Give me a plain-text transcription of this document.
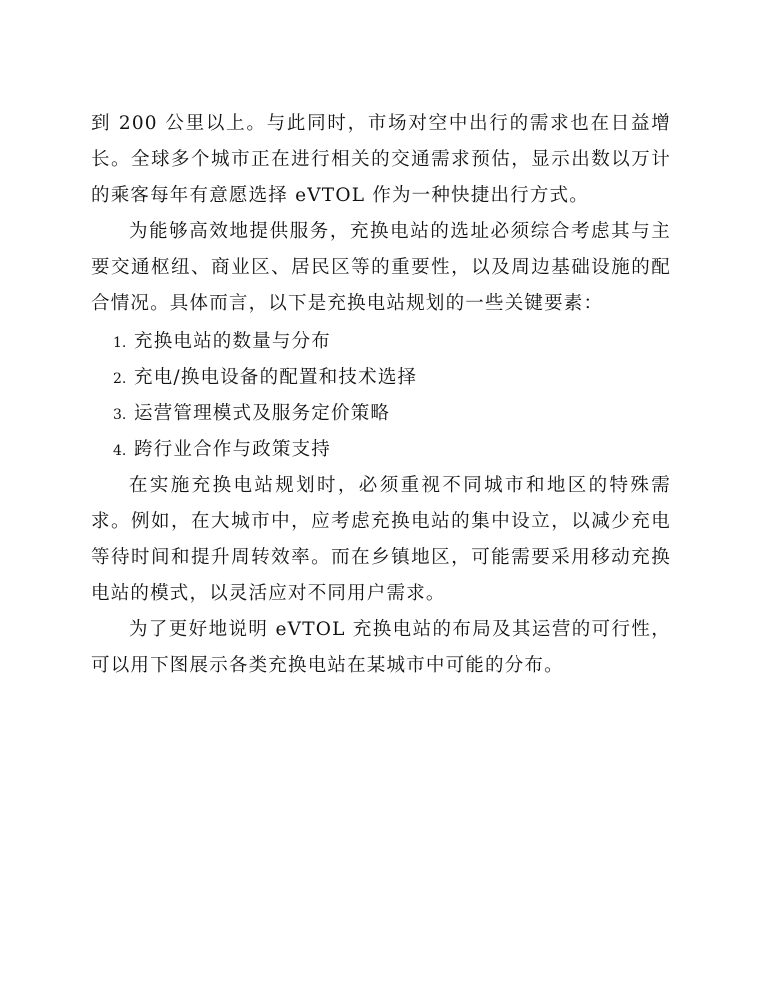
到 200 公里以上。与此同时，市场对空中出行的需求也在日益增长。全球多个城市正在进行相关的交通需求预估，显示出数以万计的乘客每年有意愿选择 eVTOL 作为一种快捷出行方式。

为能够高效地提供服务，充换电站的选址必须综合考虑其与主要交通枢纽、商业区、居民区等的重要性，以及周边基础设施的配合情况。具体而言，以下是充换电站规划的一些关键要素：

1. 充换电站的数量与分布
2. 充电/换电设备的配置和技术选择
3. 运营管理模式及服务定价策略
4. 跨行业合作与政策支持

在实施充换电站规划时，必须重视不同城市和地区的特殊需求。例如，在大城市中，应考虑充换电站的集中设立，以减少充电等待时间和提升周转效率。而在乡镇地区，可能需要采用移动充换电站的模式，以灵活应对不同用户需求。

为了更好地说明 eVTOL 充换电站的布局及其运营的可行性，可以用下图展示各类充换电站在某城市中可能的分布。
